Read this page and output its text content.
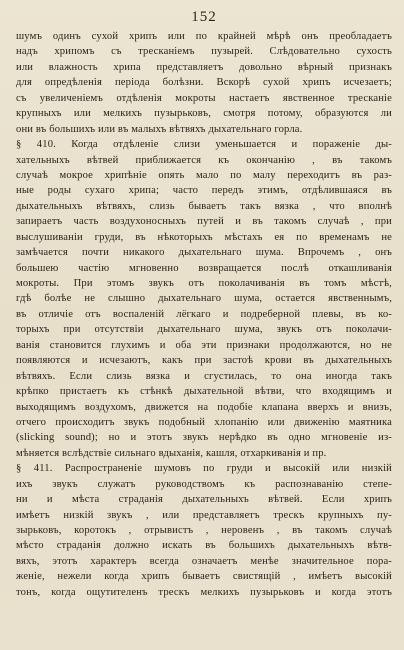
152
шумъ одинъ сухой хрипъ или по крайней мѣрѣ онъ преобладаетъ
надъ хрипомъ съ тресканіемъ пузырей. Слѣдовательно сухость
или влажность хрипа представляетъ довольно вѣрный признакъ
для опредѣленія періода болѣзни. Вскорѣ сухой хрипъ исчезаетъ;
съ увеличеніемъ отдѣленія мокроты настаетъ явственное тресканіе
крупныхъ или мелкихъ пузырьковъ, смотря потому, образуются ли
они въ большихъ или въ малыхъ вѣтвяхъ дыхательнаго горла.
§ 410. Когда отдѣленіе слизи уменьшается и пораженіе ды-
хательныхъ вѣтвей приближается къ окончанію , въ такомъ
случаѣ мокрое хрипѣніе опять мало по малу переходитъ въ раз-
ные роды сухаго хрипа; часто передъ этимъ, отдѣлившаяся въ
дыхательныхъ вѣтвяхъ, слизь бываетъ такъ вязка , что вполнѣ
запираетъ часть воздухоносныхъ путей и въ такомъ случаѣ , при
выслушиваніи груди, въ нѣкоторыхъ мѣстахъ ея по временамъ не
замѣчается почти никакого дыхательнаго шума. Впрочемъ , онъ
большею частію мгновенно возвращается послѣ откашливанія
мокроты. При этомъ звукъ отъ поколачиванія въ томъ мѣстѣ,
гдѣ болѣе не слышно дыхательнаго шума, остается явственнымъ,
въ отличіе отъ воспаленій лёгкаго и подреберной плевы, въ ко-
торыхъ при отсутствіи дыхательнаго шума, звукъ отъ поколачи-
ванія становится глухимъ и оба эти признаки продолжаются, но не
появляются и исчезаютъ, какъ при застоѣ крови въ дыхательныхъ
вѣтвяхъ. Если слизь вязка и сгустилась, то она иногда такъ
крѣпко пристаетъ къ стѣнкѣ дыхательной вѣтви, что входящимъ и
выходящимъ воздухомъ, движется на подобіе клапана вверхъ и внизъ,
отчего происходитъ звукъ подобный хлопанію или движенію маятника
(slicking sound); но и этотъ звукъ нерѣдко въ одно мгновеніе из-
мѣняется вслѣдствіе сильнаго вдыханія, кашля, отхаркиванія и пр.
§ 411. Распространеніе шумовъ по груди и высокій или низкій
ихъ звукъ служатъ руководствомъ къ распознаванію степе-
ни и мѣста страданія дыхательныхъ вѣтвей. Если хрипъ
имѣетъ низкій звукъ , или представляетъ трескъ крупныхъ пу-
зырьковъ, коротокъ , отрывистъ , неровенъ , въ такомъ случаѣ
мѣсто страданія должно искать въ большихъ дыхательныхъ вѣтв-
вяхъ, этотъ характеръ всегда означаетъ менѣе значительное пора-
женіе, нежели когда хрипъ бываетъ свистящій , имѣетъ высокій
тонъ, когда ощутителенъ трескъ мелкихъ пузырьковъ и когда этотъ
